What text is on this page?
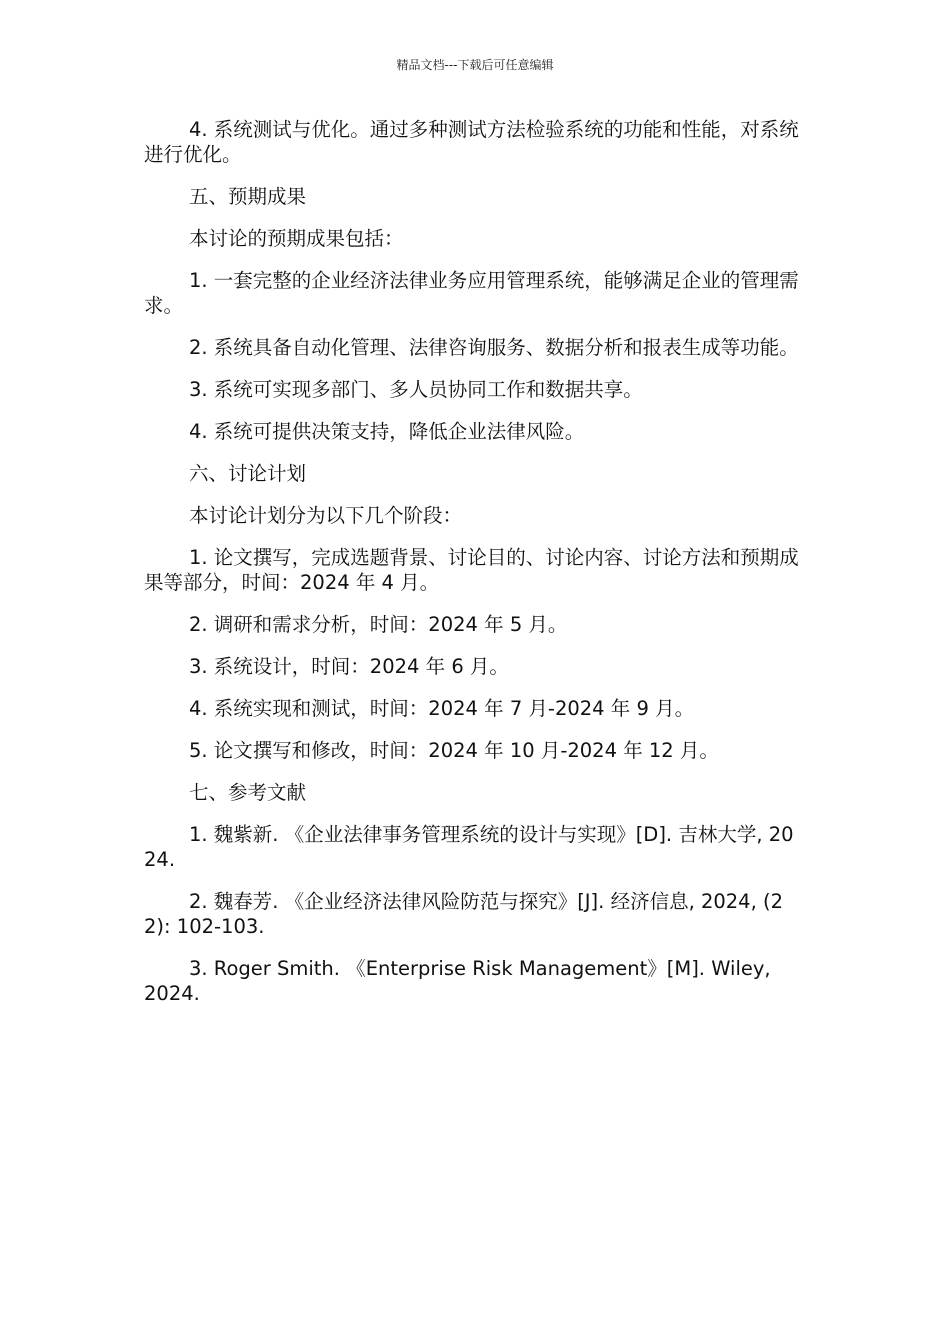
精品文档---下载后可任意编辑

4. 系统测试与优化。通过多种测试方法检验系统的功能和性能，对系统进行优化。

五、预期成果

本讨论的预期成果包括：

1. 一套完整的企业经济法律业务应用管理系统，能够满足企业的管理需求。

2. 系统具备自动化管理、法律咨询服务、数据分析和报表生成等功能。

3. 系统可实现多部门、多人员协同工作和数据共享。

4. 系统可提供决策支持，降低企业法律风险。

六、讨论计划

本讨论计划分为以下几个阶段：

1. 论文撰写，完成选题背景、讨论目的、讨论内容、讨论方法和预期成果等部分，时间：2024 年 4 月。

2. 调研和需求分析，时间：2024 年 5 月。

3. 系统设计，时间：2024 年 6 月。

4. 系统实现和测试，时间：2024 年 7 月-2024 年 9 月。

5. 论文撰写和修改，时间：2024 年 10 月-2024 年 12 月。

七、参考文献

1. 魏紫新. 《企业法律事务管理系统的设计与实现》[D]. 吉林大学, 2024.

2. 魏春芳. 《企业经济法律风险防范与探究》[J]. 经济信息, 2024, (22): 102-103.

3. Roger Smith. 《Enterprise Risk Management》[M]. Wiley, 2024.
